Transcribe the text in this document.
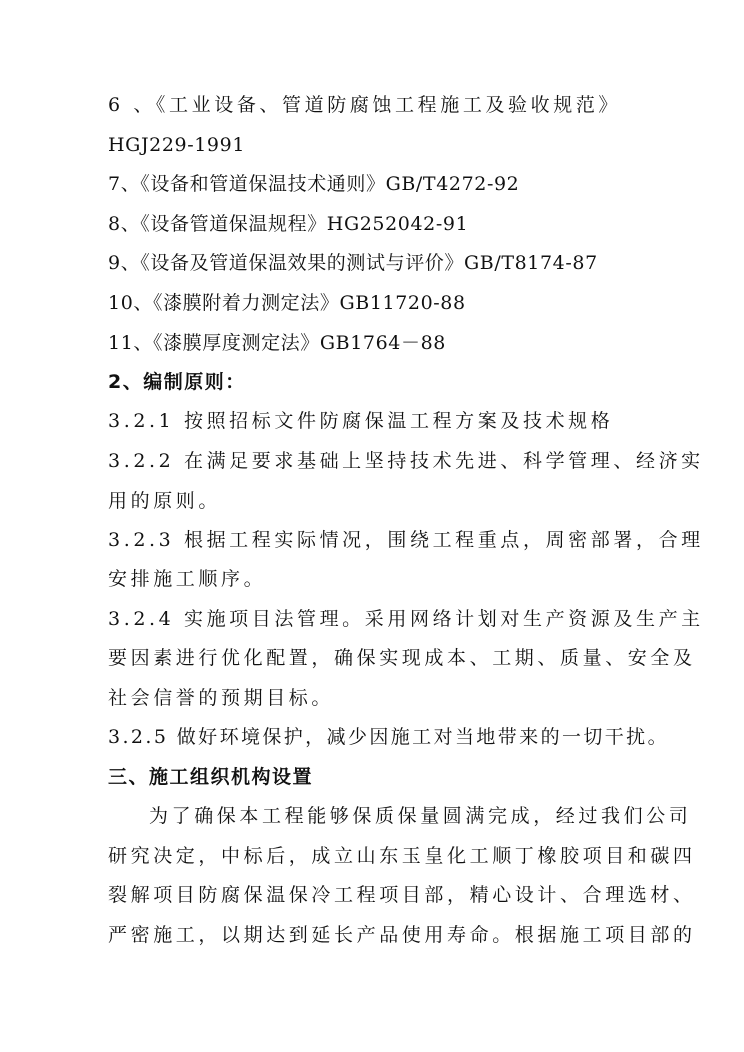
6 、《工业设备、管道防腐蚀工程施工及验收规范》
HGJ229-1991
7、《设备和管道保温技术通则》GB/T4272-92
8、《设备管道保温规程》HG252042-91
9、《设备及管道保温效果的测试与评价》GB/T8174-87
10、《漆膜附着力测定法》GB11720-88
11、《漆膜厚度测定法》GB1764－88
2、编制原则：
3.2.1 按照招标文件防腐保温工程方案及技术规格
3.2.2 在满足要求基础上坚持技术先进、科学管理、经济实
用的原则。
3.2.3 根据工程实际情况，围绕工程重点，周密部署，合理
安排施工顺序。
3.2.4 实施项目法管理。采用网络计划对生产资源及生产主
要因素进行优化配置，确保实现成本、工期、质量、安全及
社会信誉的预期目标。
3.2.5 做好环境保护，减少因施工对当地带来的一切干扰。
三、施工组织机构设置
为了确保本工程能够保质保量圆满完成，经过我们公司
研究决定，中标后，成立山东玉皇化工顺丁橡胶项目和碳四
裂解项目防腐保温保冷工程项目部，精心设计、合理选材、
严密施工，以期达到延长产品使用寿命。根据施工项目部的
